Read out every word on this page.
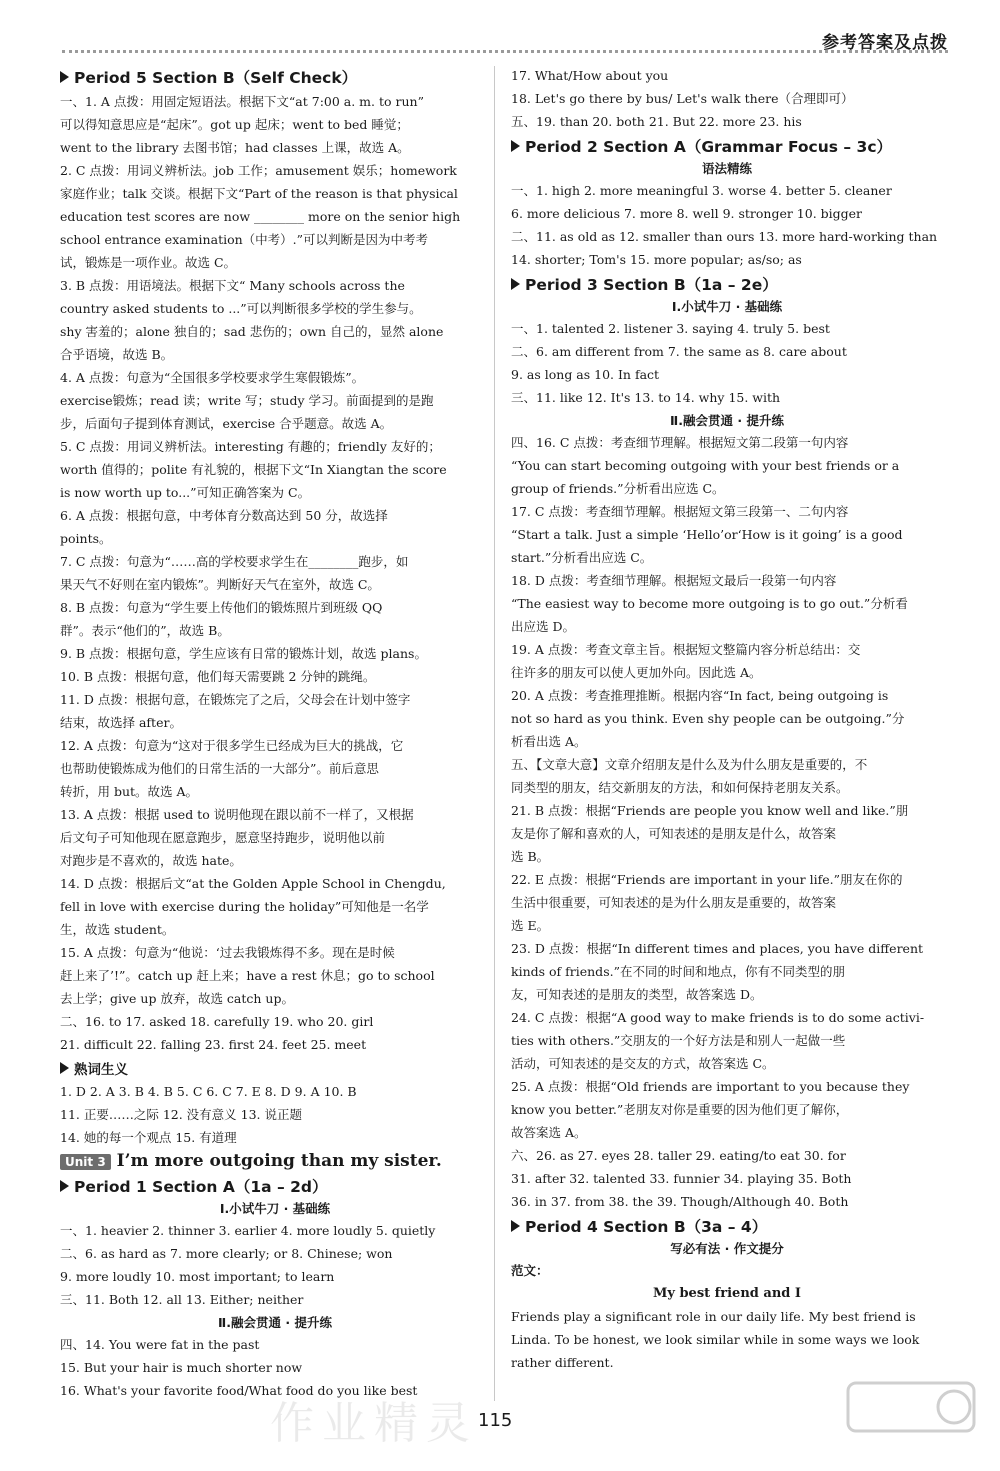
参考答案及点拨
Period 5 Section B（Self Check）
一、1. A 点拨：用固定短语法。根据下文“at 7:00 a. m. to run”
可以得知意思应是“起床”。got up 起床；went to bed 睡觉；
went to the library 去图书馆；had classes 上课，故选 A。
2. C 点拨：用词义辨析法。job 工作；amusement 娱乐；homework
家庭作业；talk 交谈。根据下文“Part of the reason is that physical
education test scores are now ________ more on the senior high
school entrance examination（中考）.”可以判断是因为中考考
试，锻炼是一项作业。故选 C。
3. B 点拨：用语境法。根据下文“ Many schools across the
country asked students to ...”可以判断很多学校的学生参与。
shy 害羞的；alone 独自的；sad 悲伤的；own 自己的，显然 alone
合乎语境，故选 B。
4. A 点拨：句意为“全国很多学校要求学生寒假锻炼”。
exercise锻炼；read 读；write 写；study 学习。前面提到的是跑
步，后面句子提到体育测试，exercise 合乎题意。故选 A。
5. C 点拨：用词义辨析法。interesting 有趣的；friendly 友好的；
worth 值得的；polite 有礼貌的，根据下文“In Xiangtan the score
is now worth up to...”可知正确答案为 C。
6. A 点拨：根据句意，中考体育分数高达到 50 分，故选择
points。
7. C 点拨：句意为“……高的学校要求学生在________跑步，如
果天气不好则在室内锻炼”。判断好天气在室外，故选 C。
8. B 点拨：句意为“学生要上传他们的锻炼照片到班级 QQ
群”。表示“他们的”，故选 B。
9. B 点拨：根据句意，学生应该有日常的锻炼计划，故选 plans。
10. B 点拨：根据句意，他们每天需要跳 2 分钟的跳绳。
11. D 点拨：根据句意，在锻炼完了之后，父母会在计划中签字
结束，故选择 after。
12. A 点拨：句意为“这对于很多学生已经成为巨大的挑战，它
也帮助使锻炼成为他们的日常生活的一大部分”。前后意思
转折，用 but。故选 A。
13. A 点拨：根据 used to 说明他现在跟以前不一样了，又根据
后文句子可知他现在愿意跑步，愿意坚持跑步，说明他以前
对跑步是不喜欢的，故选 hate。
14. D 点拨：根据后文“at the Golden Apple School in Chengdu,
fell in love with exercise during the holiday”可知他是一名学
生，故选 student。
15. A 点拨：句意为“他说：‘过去我锻炼得不多。现在是时候
赶上来了’!”。catch up 赶上来；have a rest 休息；go to school
去上学；give up 放弃，故选 catch up。
二、16. to 17. asked 18. carefully 19. who 20. girl
21. difficult 22. falling 23. first 24. feet 25. meet
熟词生义
1. D 2. A 3. B 4. B 5. C 6. C 7. E 8. D 9. A 10. B
11. 正要……之际 12. 没有意义 13. 说正题
14. 她的每一个观点 15. 有道理
Unit 3 I’m more outgoing than my sister.
Period 1 Section A（1a – 2d）
Ⅰ.小试牛刀 · 基础练
一、1. heavier 2. thinner 3. earlier 4. more loudly 5. quietly
二、6. as hard as 7. more clearly; or 8. Chinese; won
9. more loudly 10. most important; to learn
三、11. Both 12. all 13. Either; neither
Ⅱ.融会贯通 · 提升练
四、14. You were fat in the past
15. But your hair is much shorter now
16. What's your favorite food/What food do you like best
17. What/How about you
18. Let's go there by bus/ Let's walk there（合理即可）
五、19. than 20. both 21. But 22. more 23. his
Period 2 Section A（Grammar Focus – 3c）
语法精练
一、1. high 2. more meaningful 3. worse 4. better 5. cleaner
6. more delicious 7. more 8. well 9. stronger 10. bigger
二、11. as old as 12. smaller than ours 13. more hard-working than
14. shorter; Tom's 15. more popular; as/so; as
Period 3 Section B（1a – 2e）
Ⅰ.小试牛刀 · 基础练
一、1. talented 2. listener 3. saying 4. truly 5. best
二、6. am different from 7. the same as 8. care about
9. as long as 10. In fact
三、11. like 12. It's 13. to 14. why 15. with
Ⅱ.融会贯通 · 提升练
四、16. C 点拨：考查细节理解。根据短文第二段第一句内容
“You can start becoming outgoing with your best friends or a
group of friends.”分析看出应选 C。
17. C 点拨：考查细节理解。根据短文第三段第一、二句内容
“Start a talk. Just a simple ‘Hello’or‘How is it going’ is a good
start.”分析看出应选 C。
18. D 点拨：考查细节理解。根据短文最后一段第一句内容
“The easiest way to become more outgoing is to go out.”分析看
出应选 D。
19. A 点拨：考查文章主旨。根据短文整篇内容分析总结出：交
往许多的朋友可以使人更加外向。因此选 A。
20. A 点拨：考查推理推断。根据内容“In fact, being outgoing is
not so hard as you think. Even shy people can be outgoing.”分
析看出选 A。
五、【文章大意】文章介绍朋友是什么及为什么朋友是重要的，不
同类型的朋友，结交新朋友的方法，和如何保持老朋友关系。
21. B 点拨：根据“Friends are people you know well and like.”朋
友是你了解和喜欢的人，可知表述的是朋友是什么，故答案
选 B。
22. E 点拨：根据“Friends are important in your life.”朋友在你的
生活中很重要，可知表述的是为什么朋友是重要的，故答案
选 E。
23. D 点拨：根据“In different times and places, you have different
kinds of friends.”在不同的时间和地点，你有不同类型的朋
友，可知表述的是朋友的类型，故答案选 D。
24. C 点拨：根据“A good way to make friends is to do some activi-
ties with others.”交朋友的一个好方法是和别人一起做一些
活动，可知表述的是交友的方式，故答案选 C。
25. A 点拨：根据“Old friends are important to you because they
know you better.”老朋友对你是重要的因为他们更了解你，
故答案选 A。
六、26. as 27. eyes 28. taller 29. eating/to eat 30. for
31. after 32. talented 33. funnier 34. playing 35. Both
36. in 37. from 38. the 39. Though/Although 40. Both
Period 4 Section B（3a – 4）
写必有法 · 作文提分
范文：
My best friend and I
Friends play a significant role in our daily life. My best friend is
Linda. To be honest, we look similar while in some ways we look
rather different.
115
作业精灵
